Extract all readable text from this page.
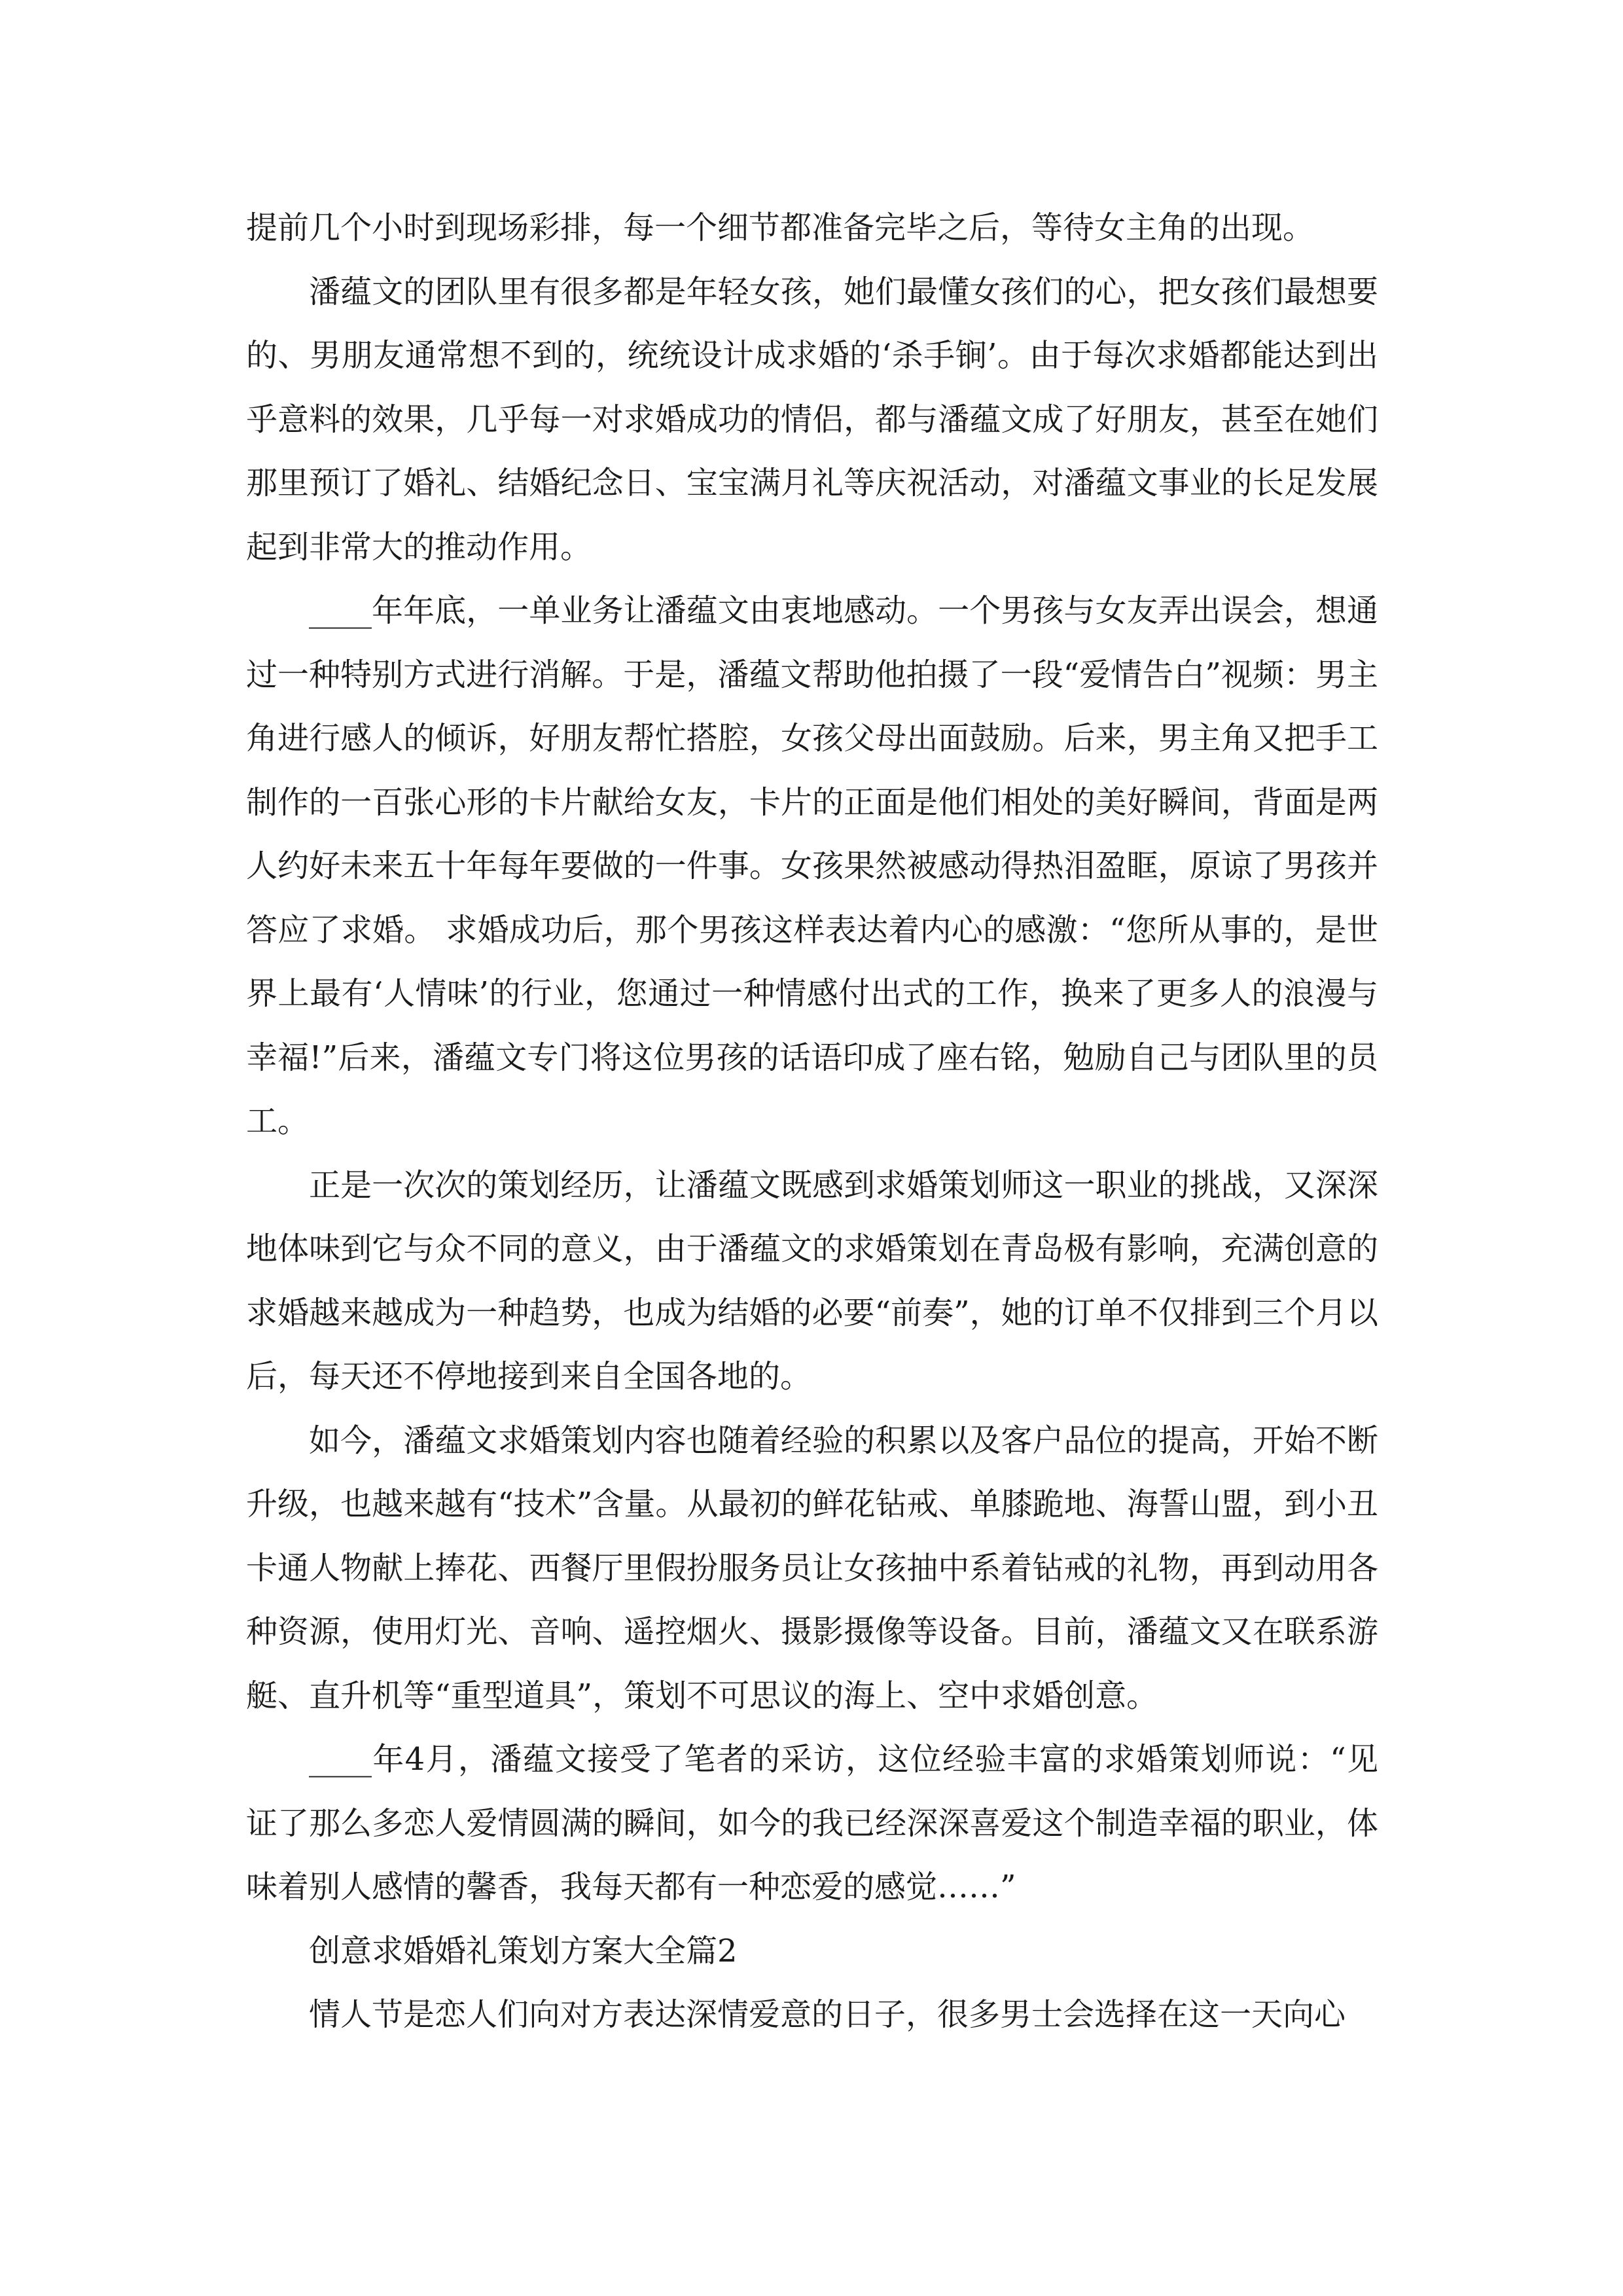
提前几个小时到现场彩排，每一个细节都准备完毕之后，等待女主角的出现。

潘蕴文的团队里有很多都是年轻女孩，她们最懂女孩们的心，把女孩们最想要的、男朋友通常想不到的，统统设计成求婚的‘杀手锏’。由于每次求婚都能达到出乎意料的效果，几乎每一对求婚成功的情侣，都与潘蕴文成了好朋友，甚至在她们那里预订了婚礼、结婚纪念日、宝宝满月礼等庆祝活动，对潘蕴文事业的长足发展起到非常大的推动作用。

____年年底，一单业务让潘蕴文由衷地感动。一个男孩与女友弄出误会，想通过一种特别方式进行消解。于是，潘蕴文帮助他拍摄了一段“爱情告白”视频：男主角进行感人的倾诉，好朋友帮忙搭腔，女孩父母出面鼓励。后来，男主角又把手工制作的一百张心形的卡片献给女友，卡片的正面是他们相处的美好瞬间，背面是两人约好未来五十年每年要做的一件事。女孩果然被感动得热泪盈眶，原谅了男孩并答应了求婚。 求婚成功后，那个男孩这样表达着内心的感激：“您所从事的，是世界上最有‘人情味’的行业，您通过一种情感付出式的工作，换来了更多人的浪漫与幸福!”后来，潘蕴文专门将这位男孩的话语印成了座右铭，勉励自己与团队里的员工。

正是一次次的策划经历，让潘蕴文既感到求婚策划师这一职业的挑战，又深深地体味到它与众不同的意义，由于潘蕴文的求婚策划在青岛极有影响，充满创意的求婚越来越成为一种趋势，也成为结婚的必要“前奏”，她的订单不仅排到三个月以后，每天还不停地接到来自全国各地的。

如今，潘蕴文求婚策划内容也随着经验的积累以及客户品位的提高，开始不断升级，也越来越有“技术”含量。从最初的鲜花钻戒、单膝跪地、海誓山盟，到小丑卡通人物献上捧花、西餐厅里假扮服务员让女孩抽中系着钻戒的礼物，再到动用各种资源，使用灯光、音响、遥控烟火、摄影摄像等设备。目前，潘蕴文又在联系游艇、直升机等“重型道具”，策划不可思议的海上、空中求婚创意。

____年4月，潘蕴文接受了笔者的采访，这位经验丰富的求婚策划师说：“见证了那么多恋人爱情圆满的瞬间，如今的我已经深深喜爱这个制造幸福的职业，体味着别人感情的馨香，我每天都有一种恋爱的感觉……”

创意求婚婚礼策划方案大全篇2

情人节是恋人们向对方表达深情爱意的日子，很多男士会选择在这一天向心
